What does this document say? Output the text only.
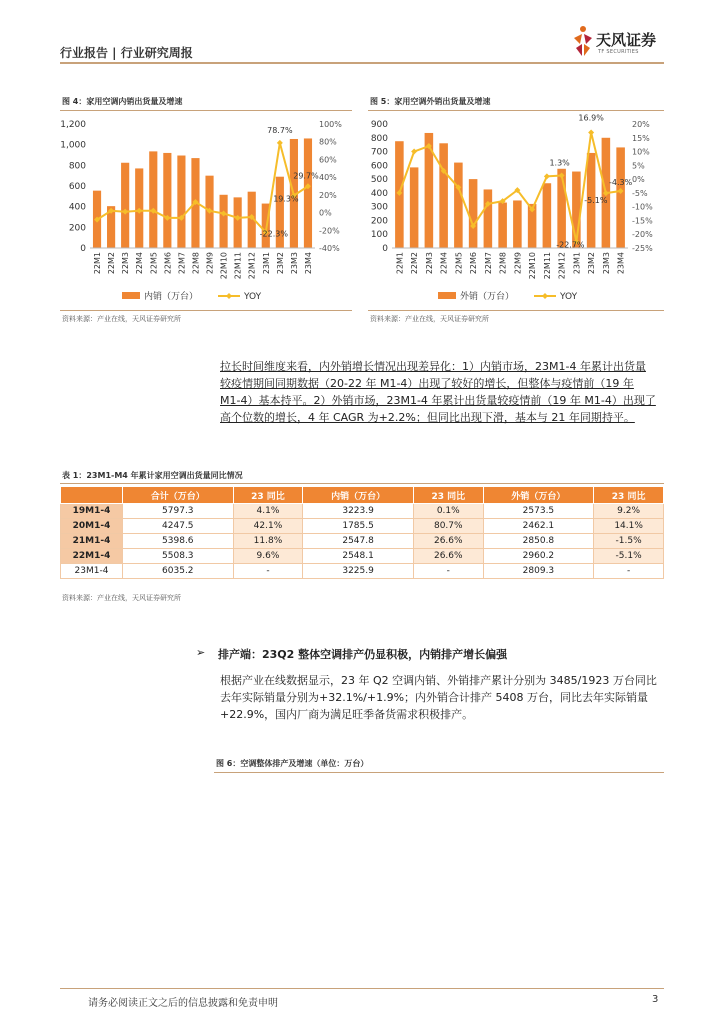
行业报告 | 行业研究周报
天风证券
TF SECURITIES
图 4：家用空调内销出货量及增速
0
200
400
600
800
1,000
1,200
-40%
-20%
0%
20%
40%
60%
80%
100%
22M1 22M2 22M3 22M4 22M5 22M6 22M7 22M8 22M9 22M10 22M11 22M12 23M1 23M2 23M3 23M4
78.7%
29.7%
19.3%
-22.3%
内销（万台）	YOY
资料来源：产业在线，天风证券研究所
图 5：家用空调外销出货量及增速
0
100
200
300
400
500
600
700
800
900
-25%
-20%
-15%
-10%
-5%
0%
5%
10%
15%
20%
22M1 22M2 22M3 22M4 22M5 22M6 22M7 22M8 22M9 22M10 22M11 22M12 23M1 23M2 23M3 23M4
16.9%
1.3%
-22.7%
-5.1%
-4.3%
外销（万台）	YOY
资料来源：产业在线，天风证券研究所
拉长时间维度来看，内外销增长情况出现差异化：1）内销市场，23M1-4 年累计出货量
较疫情期间同期数据（20-22 年 M1-4）出现了较好的增长，但整体与疫情前（19 年
M1-4）基本持平。2）外销市场，23M1-4 年累计出货量较疫情前（19 年 M1-4）出现了
高个位数的增长，4 年 CAGR 为+2.2%；但同比出现下滑，基本与 21 年同期持平。
表 1：23M1-M4 年累计家用空调出货量同比情况
	合计（万台）	23 同比	内销（万台）	23 同比	外销（万台）	23 同比
19M1-4	5797.3	4.1%	3223.9	0.1%	2573.5	9.2%
20M1-4	4247.5	42.1%	1785.5	80.7%	2462.1	14.1%
21M1-4	5398.6	11.8%	2547.8	26.6%	2850.8	-1.5%
22M1-4	5508.3	9.6%	2548.1	26.6%	2960.2	-5.1%
23M1-4	6035.2	-	3225.9	-	2809.3	-
资料来源：产业在线，天风证券研究所
➢ 排产端：23Q2 整体空调排产仍显积极，内销排产增长偏强
根据产业在线数据显示，23 年 Q2 空调内销、外销排产累计分别为 3485/1923 万台同比
去年实际销量分别为+32.1%/+1.9%；内外销合计排产 5408 万台，同比去年实际销量
+22.9%，国内厂商为满足旺季备货需求积极排产。
图 6：空调整体排产及增速（单位：万台）
请务必阅读正文之后的信息披露和免责申明	3
